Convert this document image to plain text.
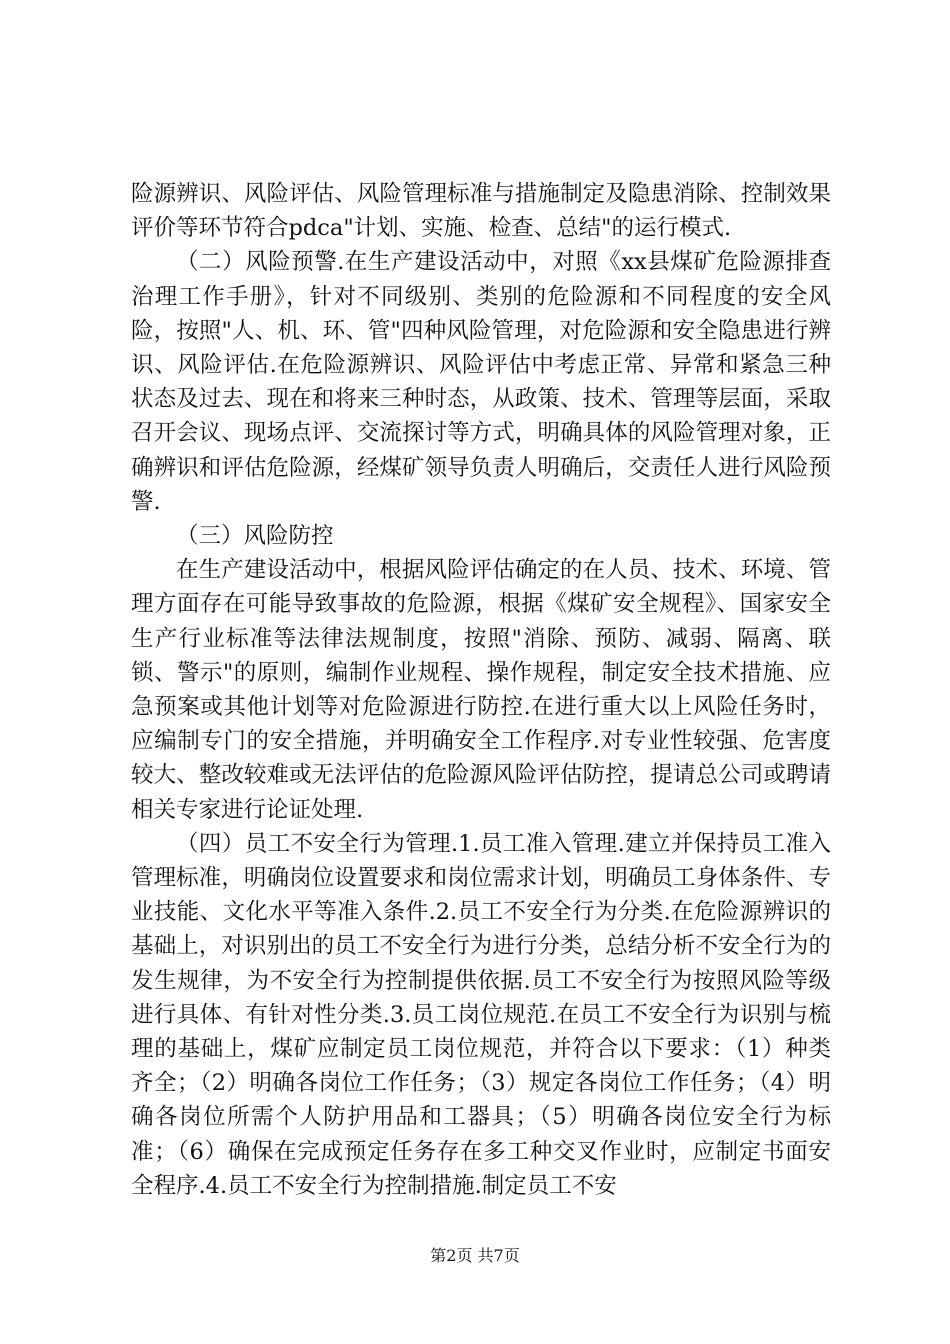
险源辨识、风险评估、风险管理标准与措施制定及隐患消除、控制效果评价等环节符合pdca"计划、实施、检查、总结"的运行模式.

（二）风险预警.在生产建设活动中，对照《xx县煤矿危险源排查治理工作手册》，针对不同级别、类别的危险源和不同程度的安全风险，按照"人、机、环、管"四种风险管理，对危险源和安全隐患进行辨识、风险评估.在危险源辨识、风险评估中考虑正常、异常和紧急三种状态及过去、现在和将来三种时态，从政策、技术、管理等层面，采取召开会议、现场点评、交流探讨等方式，明确具体的风险管理对象，正确辨识和评估危险源，经煤矿领导负责人明确后，交责任人进行风险预警.

（三）风险防控

在生产建设活动中，根据风险评估确定的在人员、技术、环境、管理方面存在可能导致事故的危险源，根据《煤矿安全规程》、国家安全生产行业标准等法律法规制度，按照"消除、预防、减弱、隔离、联锁、警示"的原则，编制作业规程、操作规程，制定安全技术措施、应急预案或其他计划等对危险源进行防控.在进行重大以上风险任务时，应编制专门的安全措施，并明确安全工作程序.对专业性较强、危害度较大、整改较难或无法评估的危险源风险评估防控，提请总公司或聘请相关专家进行论证处理.

（四）员工不安全行为管理.1.员工准入管理.建立并保持员工准入管理标准，明确岗位设置要求和岗位需求计划，明确员工身体条件、专业技能、文化水平等准入条件.2.员工不安全行为分类.在危险源辨识的基础上，对识别出的员工不安全行为进行分类，总结分析不安全行为的发生规律，为不安全行为控制提供依据.员工不安全行为按照风险等级进行具体、有针对性分类.3.员工岗位规范.在员工不安全行为识别与梳理的基础上，煤矿应制定员工岗位规范，并符合以下要求：（1）种类齐全；（2）明确各岗位工作任务；（3）规定各岗位工作任务；（4）明确各岗位所需个人防护用品和工器具；（5）明确各岗位安全行为标准；（6）确保在完成预定任务存在多工种交叉作业时，应制定书面安全程序.4.员工不安全行为控制措施.制定员工不安

第2页 共7页
